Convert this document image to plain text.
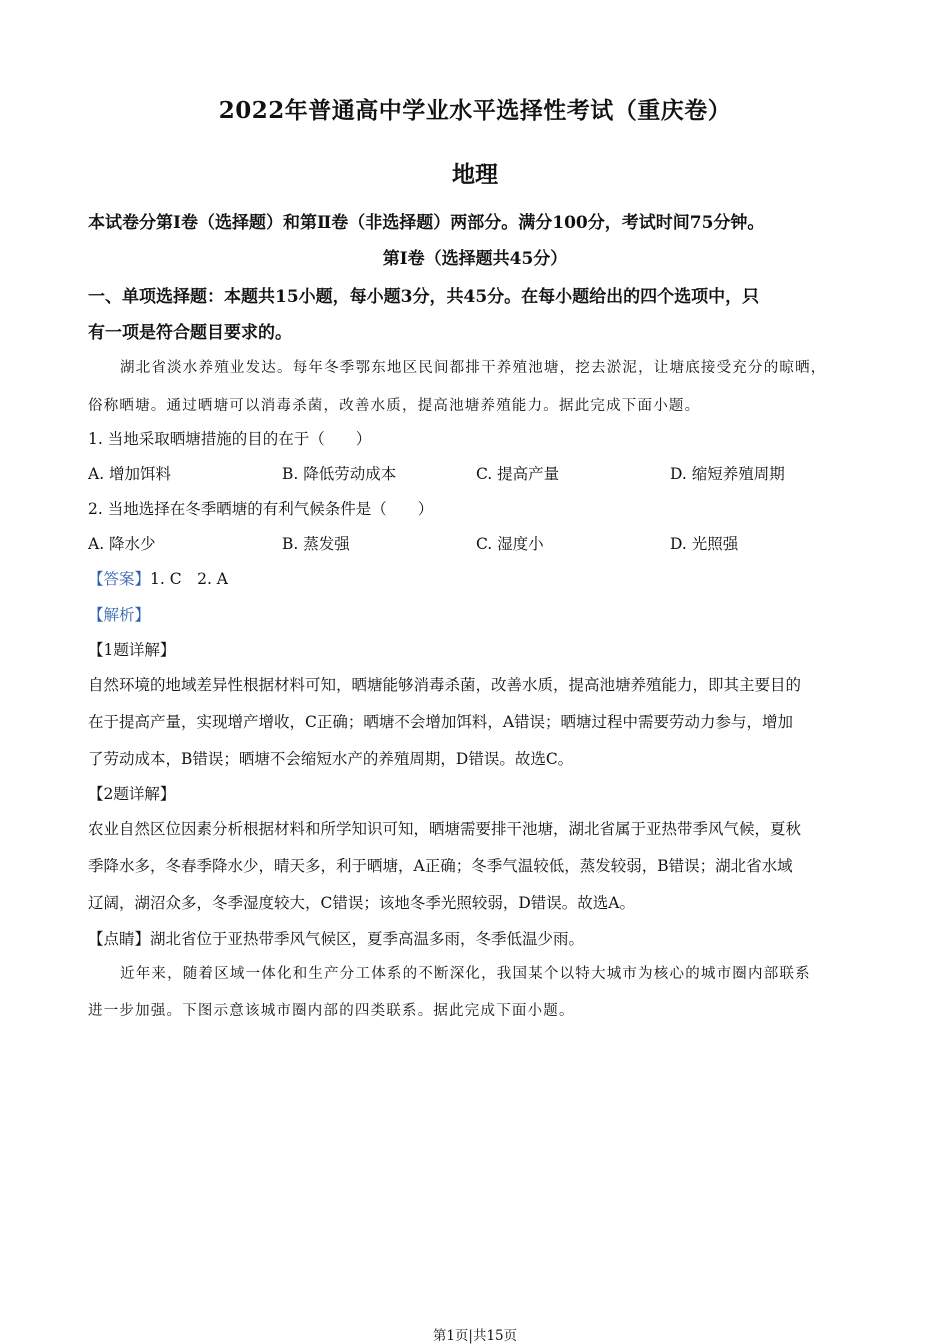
2022年普通高中学业水平选择性考试（重庆卷）
地理
本试卷分第Ⅰ卷（选择题）和第Ⅱ卷（非选择题）两部分。满分100分，考试时间75分钟。
第Ⅰ卷（选择题共45分）
一、单项选择题：本题共15小题，每小题3分，共45分。在每小题给出的四个选项中，只
有一项是符合题目要求的。
湖北省淡水养殖业发达。每年冬季鄂东地区民间都排干养殖池塘，挖去淤泥，让塘底接受充分的晾晒，
俗称晒塘。通过晒塘可以消毒杀菌，改善水质，提高池塘养殖能力。据此完成下面小题。
1. 当地采取晒塘措施的目的在于（　　）
A. 增加饵料	B. 降低劳动成本	C. 提高产量	D. 缩短养殖周期
2. 当地选择在冬季晒塘的有利气候条件是（　　）
A. 降水少	B. 蒸发强	C. 湿度小	D. 光照强
【答案】1. C　2. A
【解析】
【1题详解】
自然环境的地域差异性根据材料可知，晒塘能够消毒杀菌，改善水质，提高池塘养殖能力，即其主要目的
在于提高产量，实现增产增收，C正确；晒塘不会增加饵料，A错误；晒塘过程中需要劳动力参与，增加
了劳动成本，B错误；晒塘不会缩短水产的养殖周期，D错误。故选C。
【2题详解】
农业自然区位因素分析根据材料和所学知识可知，晒塘需要排干池塘，湖北省属于亚热带季风气候，夏秋
季降水多，冬春季降水少，晴天多，利于晒塘，A正确；冬季气温较低，蒸发较弱，B错误；湖北省水域
辽阔，湖沼众多，冬季湿度较大，C错误；该地冬季光照较弱，D错误。故选A。
【点睛】湖北省位于亚热带季风气候区，夏季高温多雨，冬季低温少雨。
近年来，随着区域一体化和生产分工体系的不断深化，我国某个以特大城市为核心的城市圈内部联系
进一步加强。下图示意该城市圈内部的四类联系。据此完成下面小题。
第1页|共15页
